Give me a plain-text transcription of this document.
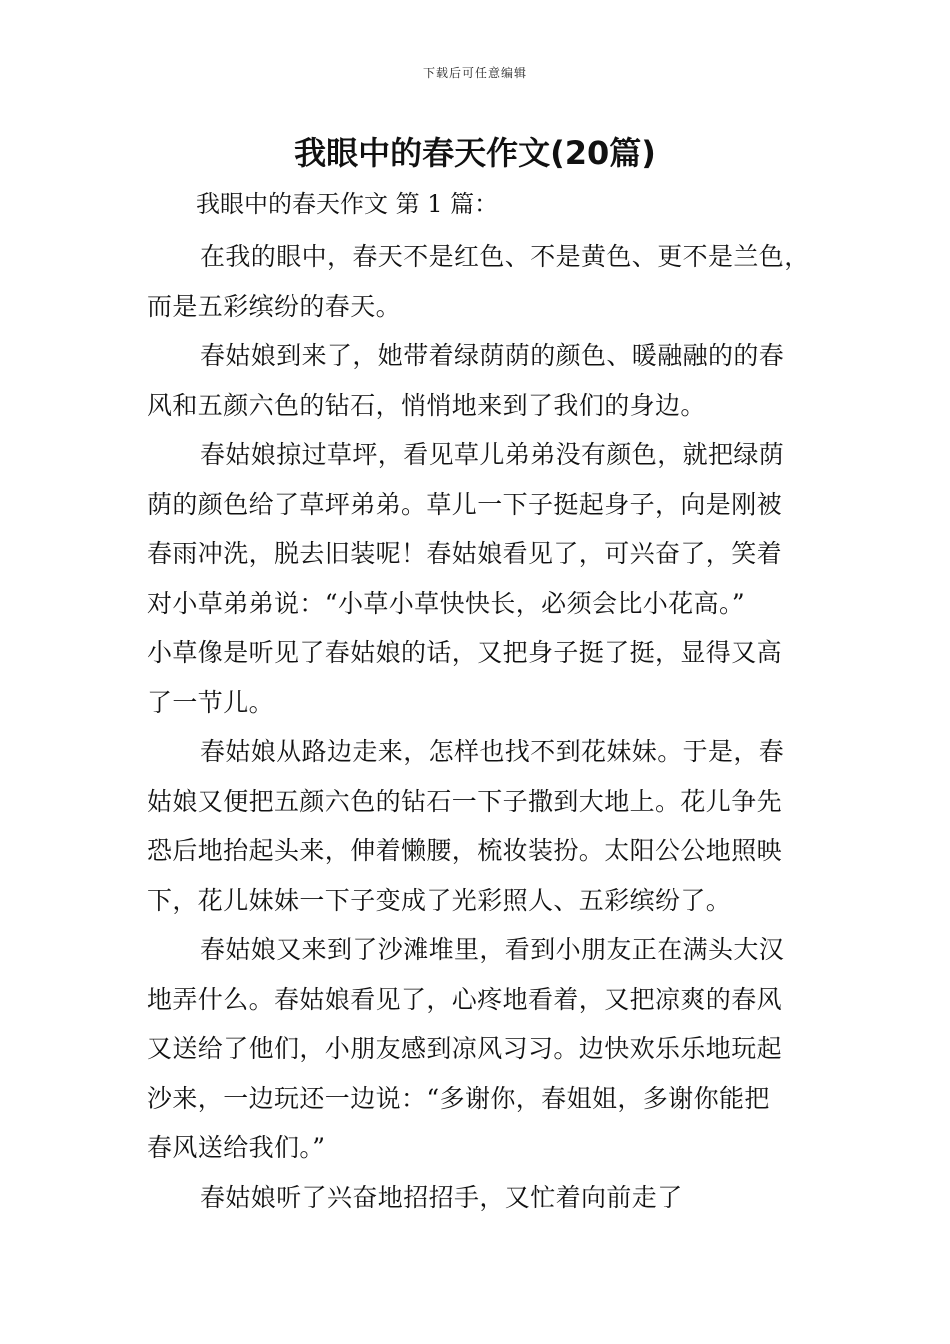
下载后可任意编辑
我眼中的春天作文(20篇)

我眼中的春天作文 第 1 篇：

在我的眼中，春天不是红色、不是黄色、更不是兰色，
而是五彩缤纷的春天。

春姑娘到来了，她带着绿荫荫的颜色、暖融融的的春
风和五颜六色的钻石，悄悄地来到了我们的身边。

春姑娘掠过草坪，看见草儿弟弟没有颜色，就把绿荫
荫的颜色给了草坪弟弟。草儿一下子挺起身子，向是刚被
春雨冲洗，脱去旧装呢！春姑娘看见了，可兴奋了，笑着
对小草弟弟说：“小草小草快快长，必须会比小花高。”
小草像是听见了春姑娘的话，又把身子挺了挺，显得又高
了一节儿。

春姑娘从路边走来，怎样也找不到花妹妹。于是，春
姑娘又便把五颜六色的钻石一下子撒到大地上。花儿争先
恐后地抬起头来，伸着懒腰，梳妆装扮。太阳公公地照映
下，花儿妹妹一下子变成了光彩照人、五彩缤纷了。

春姑娘又来到了沙滩堆里，看到小朋友正在满头大汉
地弄什么。春姑娘看见了，心疼地看着，又把凉爽的春风
又送给了他们，小朋友感到凉风习习。边快欢乐乐地玩起
沙来，一边玩还一边说：“多谢你，春姐姐，多谢你能把
春风送给我们。”

春姑娘听了兴奋地招招手，又忙着向前走了
